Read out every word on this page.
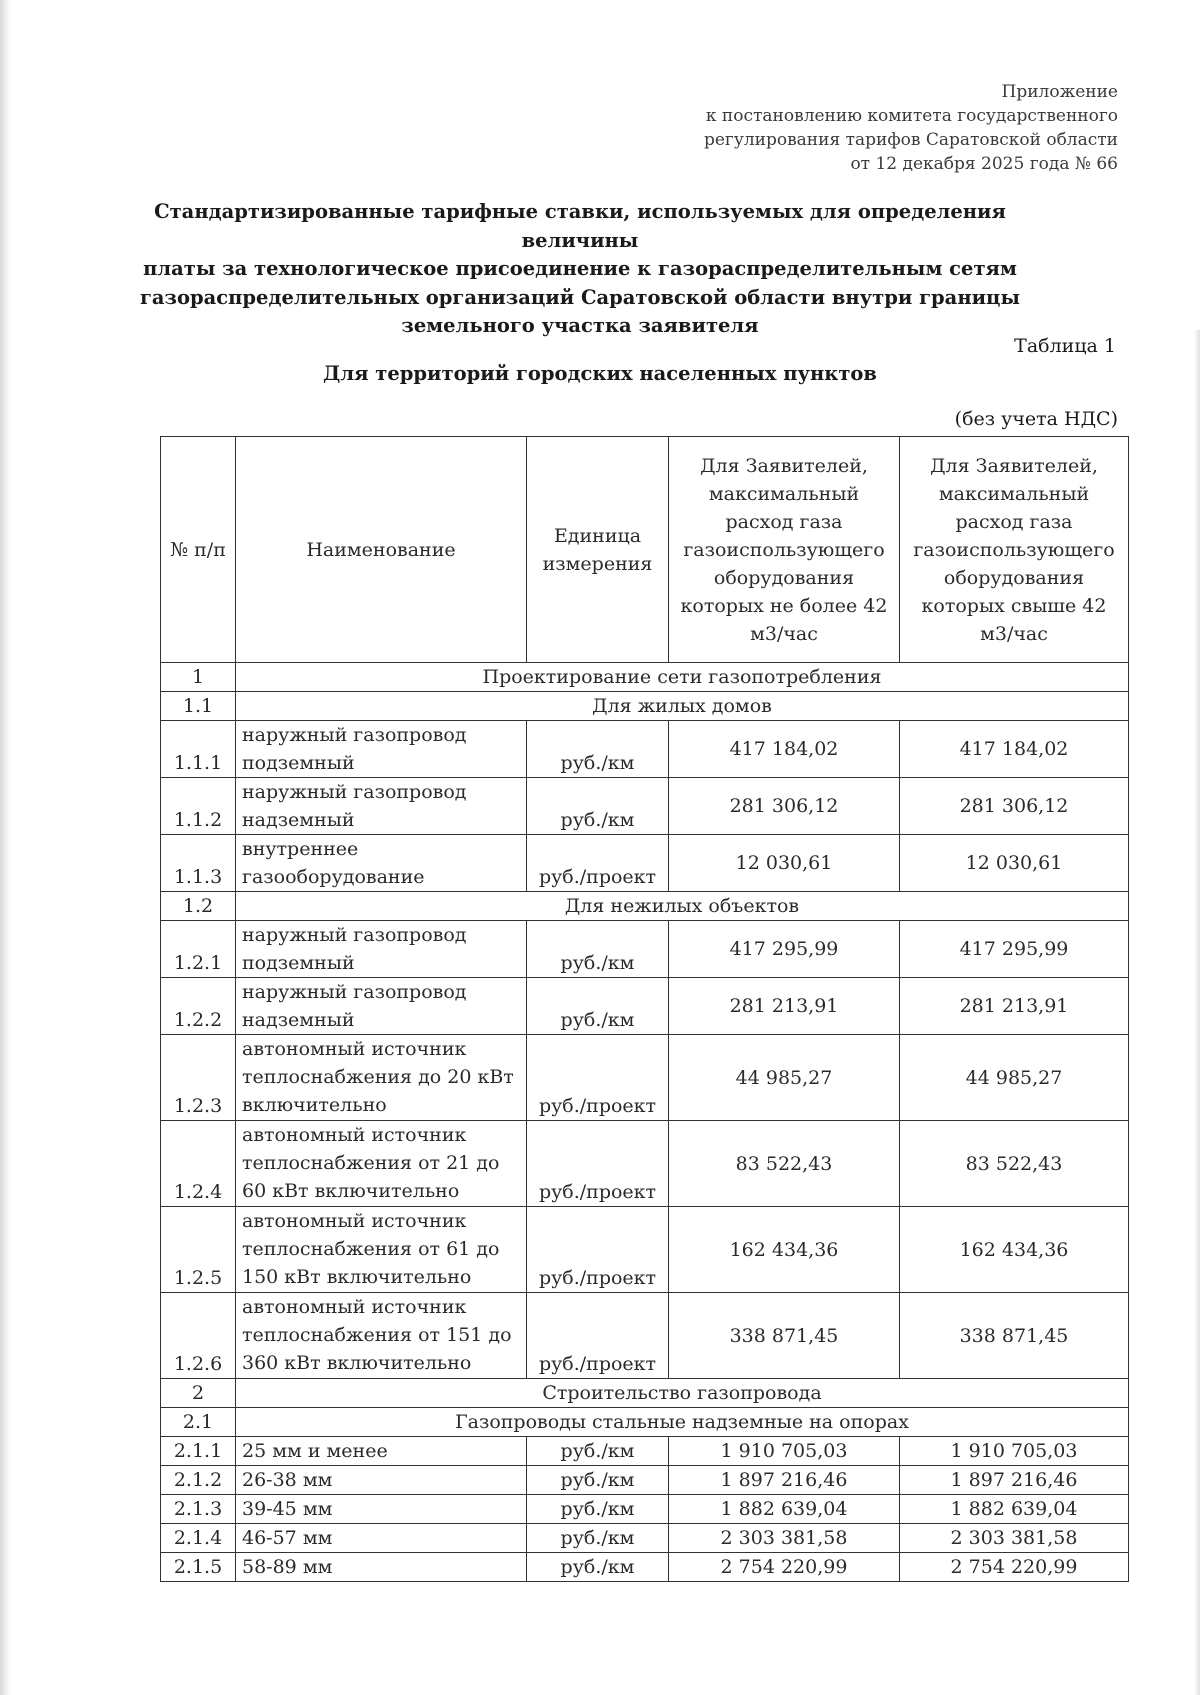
Приложение
к постановлению комитета государственного
регулирования тарифов Саратовской области
от 12 декабря 2025 года № 66
Стандартизированные тарифные ставки, используемых для определения величины
платы за технологическое присоединение к газораспределительным сетям
газораспределительных организаций Саратовской области внутри границы
земельного участка заявителя
Таблица 1
Для территорий городских населенных пунктов
(без учета НДС)
№ п/п	Наименование	Единица измерения	Для Заявителей, максимальный расход газа газоиспользующего оборудования которых не более 42 м3/час	Для Заявителей, максимальный расход газа газоиспользующего оборудования которых свыше 42 м3/час
1	Проектирование сети газопотребления			
1.1	Для жилых домов			
1.1.1	наружный газопровод подземный	руб./км	417 184,02	417 184,02
1.1.2	наружный газопровод надземный	руб./км	281 306,12	281 306,12
1.1.3	внутреннее газооборудование	руб./проект	12 030,61	12 030,61
1.2	Для нежилых объектов			
1.2.1	наружный газопровод подземный	руб./км	417 295,99	417 295,99
1.2.2	наружный газопровод надземный	руб./км	281 213,91	281 213,91
1.2.3	автономный источник теплоснабжения до 20 кВт включительно	руб./проект	44 985,27	44 985,27
1.2.4	автономный источник теплоснабжения от 21 до 60 кВт включительно	руб./проект	83 522,43	83 522,43
1.2.5	автономный источник теплоснабжения от 61 до 150 кВт включительно	руб./проект	162 434,36	162 434,36
1.2.6	автономный источник теплоснабжения от 151 до 360 кВт включительно	руб./проект	338 871,45	338 871,45
2	Строительство газопровода			
2.1	Газопроводы стальные надземные на опорах			
2.1.1	25 мм и менее	руб./км	1 910 705,03	1 910 705,03
2.1.2	26-38 мм	руб./км	1 897 216,46	1 897 216,46
2.1.3	39-45 мм	руб./км	1 882 639,04	1 882 639,04
2.1.4	46-57 мм	руб./км	2 303 381,58	2 303 381,58
2.1.5	58-89 мм	руб./км	2 754 220,99	2 754 220,99
